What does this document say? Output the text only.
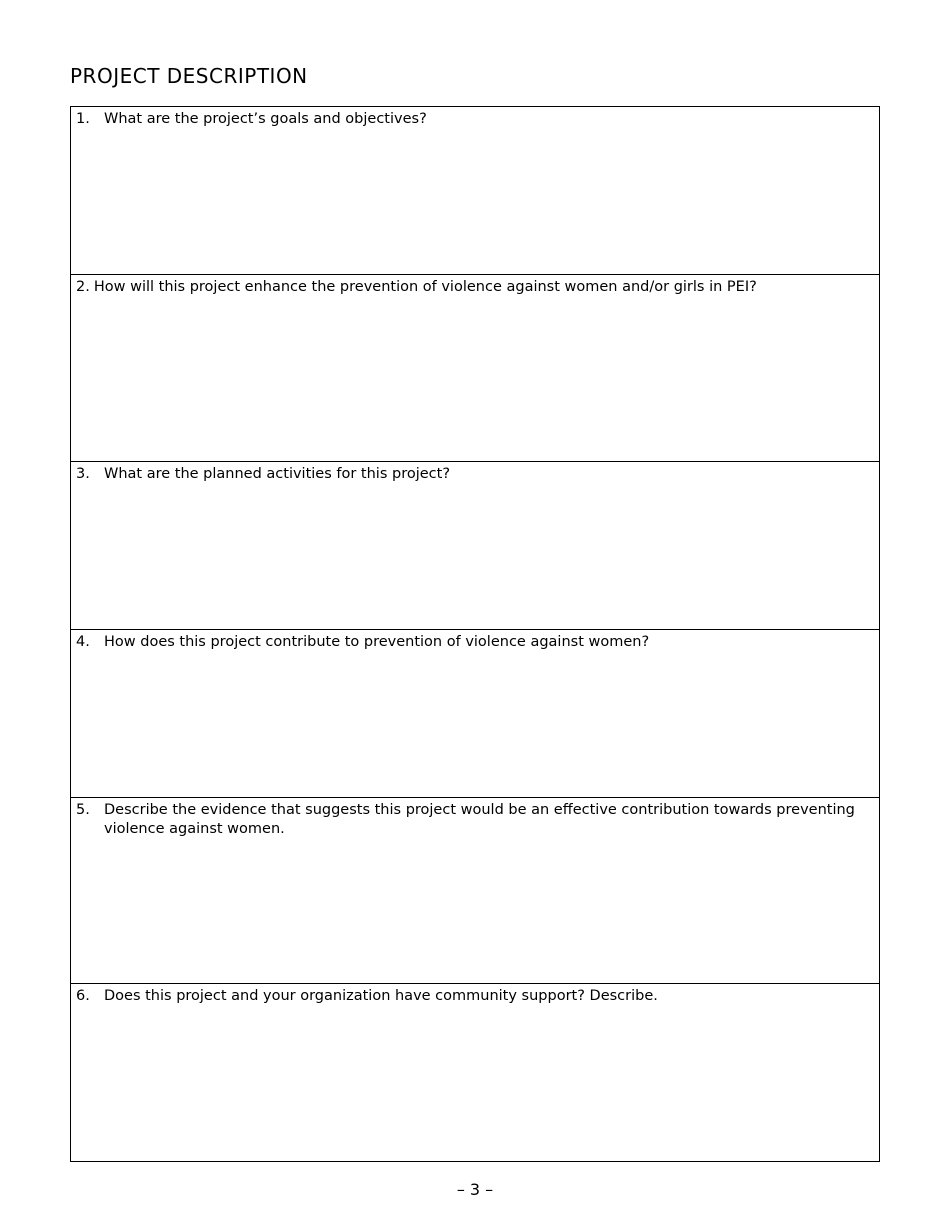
PROJECT DESCRIPTION
1. What are the project’s goals and objectives?

2. How will this project enhance the prevention of violence against women and/or girls in PEI?

3. What are the planned activities for this project?

4. How does this project contribute to prevention of violence against women?

5. Describe the evidence that suggests this project would be an effective contribution towards preventing violence against women.

6. Does this project and your organization have community support? Describe.
– 3 –
